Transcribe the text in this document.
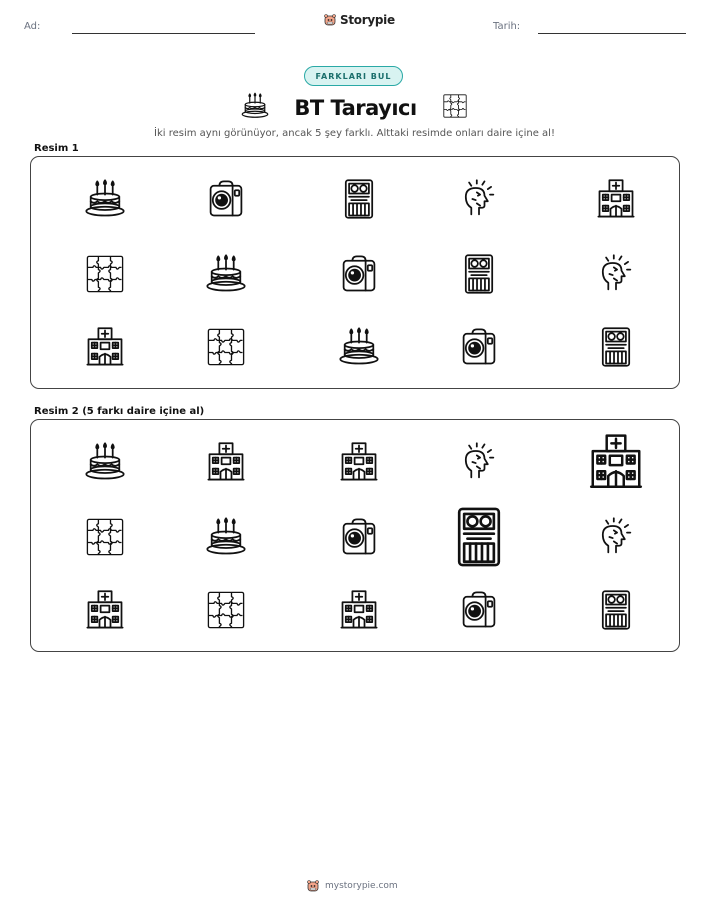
Ad:	Storypie	Tarih:
FARKLARI BUL
BT Tarayıcı
İki resim aynı görünüyor, ancak 5 şey farklı. Alttaki resimde onları daire içine al!
Resim 1
Resim 2 (5 farkı daire içine al)
mystorypie.com
